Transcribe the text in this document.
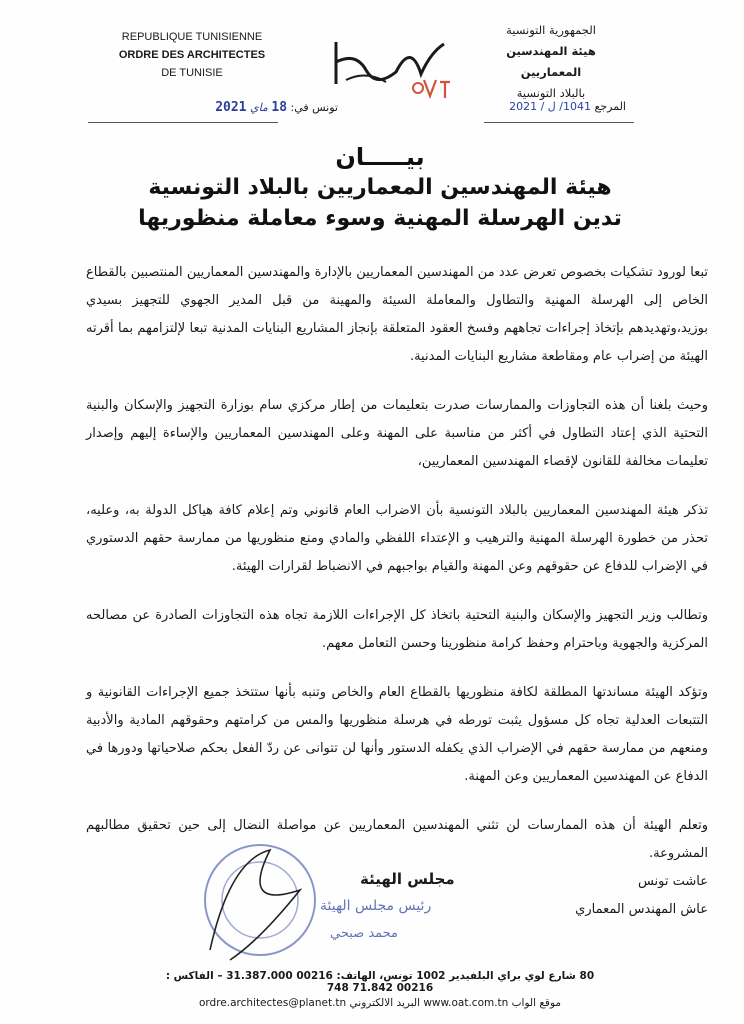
REPUBLIQUE TUNISIENNE
ORDRE DES ARCHITECTES
DE TUNISIE
الجمهورية التونسية
هيئة المهندسين المعماريين
بالبلاد التونسية
تونس في: 18 ماي 2021	المرجع 1041/ ل / 2021
بيـــــان
هيئة المهندسين المعماريين بالبلاد التونسية
تدين الهرسلة المهنية وسوء معاملة منظوريها

تبعا لورود تشكيات بخصوص تعرض عدد من المهندسين المعماريين بالإدارة والمهندسين المعماريين المنتصبين بالقطاع الخاص إلى الهرسلة المهنية والتطاول والمعاملة السيئة والمهينة من قبل المدير الجهوي للتجهيز بسيدي بوزيد،وتهديدهم بإتخاذ إجراءات تجاههم وفسخ العقود المتعلقة بإنجاز المشاريع البنايات المدنية تبعا لإلتزامهم بما أقرته الهيئة من إضراب عام ومقاطعة مشاريع البنايات المدنية.

وحيث بلغنا أن هذه التجاوزات والممارسات صدرت بتعليمات من إطار مركزي سام بوزارة التجهيز والإسكان والبنية التحتية الذي إعتاد التطاول في أكثر من مناسبة على المهنة وعلى المهندسين المعماريين والإساءة إليهم وإصدار تعليمات مخالفة للقانون لإقصاء المهندسين المعماريين،

تذكر هيئة المهندسين المعماريين بالبلاد التونسية بأن الاضراب العام قانوني وتم إعلام كافة هياكل الدولة به، وعليه، تحذر من خطورة الهرسلة المهنية والترهيب و الإعتداء اللفظي والمادي ومنع منظوريها من ممارسة حقهم الدستوري في الإضراب للدفاع عن حقوقهم وعن المهنة والقيام بواجبهم في الانضباط لقرارات الهيئة.

وتطالب وزير التجهيز والإسكان والبنية التحتية باتخاذ كل الإجراءات اللازمة تجاه هذه التجاوزات الصادرة عن مصالحه المركزية والجهوية وباحترام وحفظ كرامة منظورينا وحسن التعامل معهم.

وتؤكد الهيئة مساندتها المطلقة لكافة منظوريها بالقطاع العام والخاص وتنبه بأنها ستتخذ جميع الإجراءات القانونية و التتبعات العدلية تجاه كل مسؤول يثبت تورطه في هرسلة منظوريها والمس من كرامتهم وحقوقهم المادية والأدبية ومنعهم من ممارسة حقهم في الإضراب الذي يكفله الدستور وأنها لن تتوانى عن ردّ الفعل بحكم صلاحياتها ودورها في الدفاع عن المهندسين المعماريين وعن المهنة.

وتعلم الهيئة أن هذه الممارسات لن تثني المهندسين المعماريين عن مواصلة النضال إلى حين تحقيق مطالبهم المشروعة.

عاشت تونس
عاش المهندس المعماري
مجلس الهيئة
رئيس مجلس الهيئة
محمد صبحي
80 شارع لوي براي البلفيدير 1002 تونس، الهاتف: 00216 31.387.000 – الفاكس : 00216 71.842 748
موقع الواب www.oat.com.tn البريد الالكتروني ordre.architectes@planet.tn
